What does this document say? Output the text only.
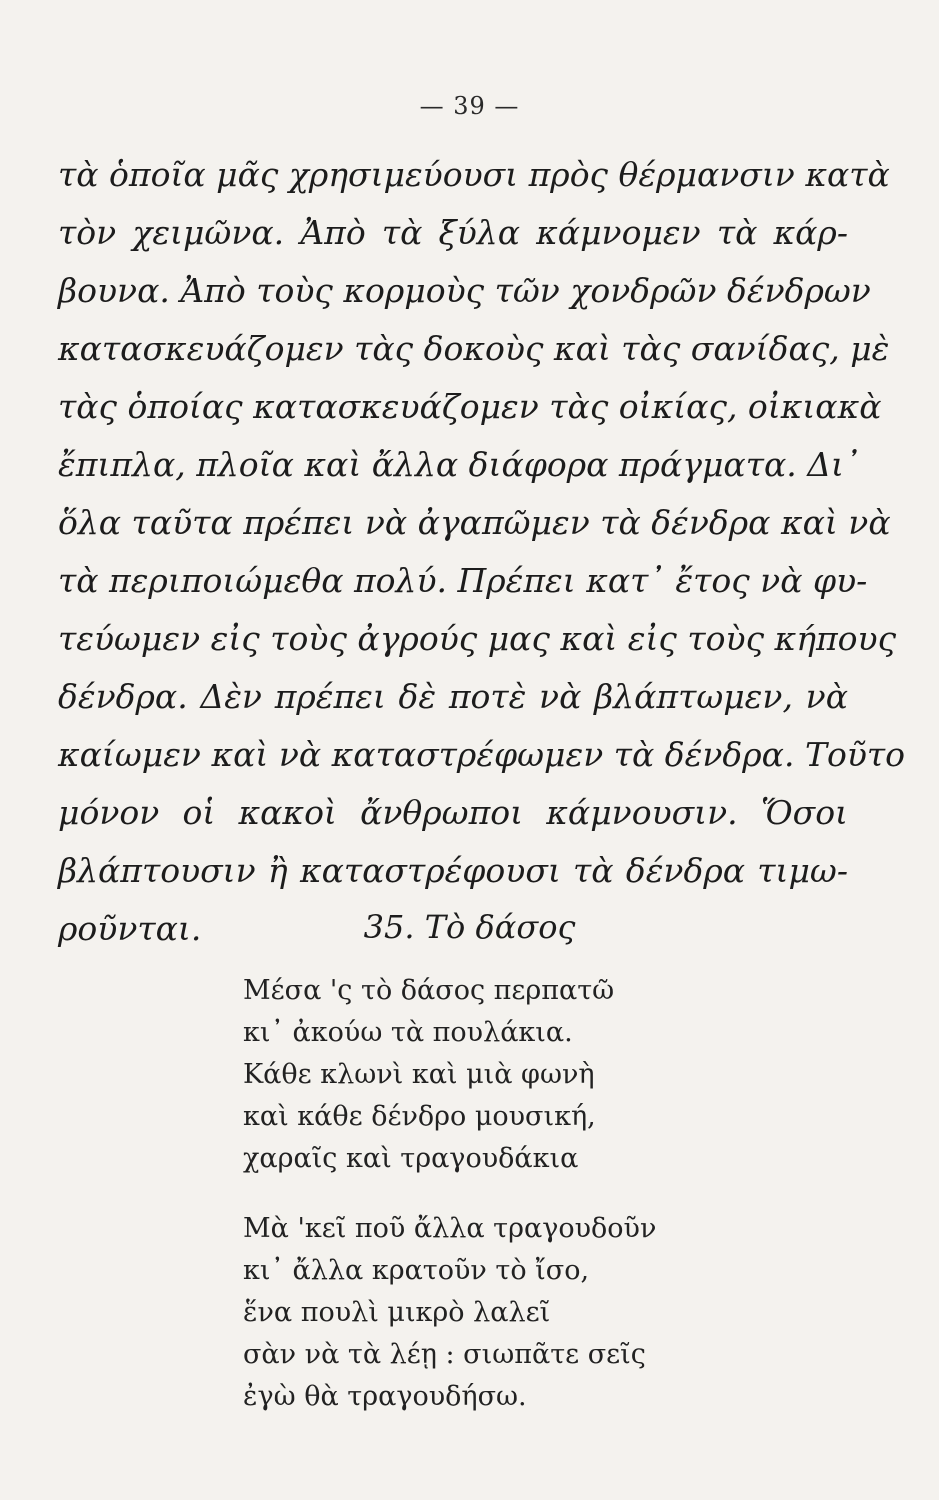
— 39 —
τὰ ὁποῖα μᾶς χρησιμεύουσι πρὸς θέρμανσιν κατὰ
τὸν χειμῶνα. Ἀπὸ τὰ ξύλα κάμνομεν τὰ κάρ-
βουνα. Ἀπὸ τοὺς κορμοὺς τῶν χονδρῶν δένδρων
κατασκευάζομεν τὰς δοκοὺς καὶ τὰς σανίδας, μὲ
τὰς ὁποίας κατασκευάζομεν τὰς οἰκίας, οἰκιακὰ
ἔπιπλα, πλοῖα καὶ ἄλλα διάφορα πράγματα. Δι᾽
ὅλα ταῦτα πρέπει νὰ ἀγαπῶμεν τὰ δένδρα καὶ νὰ
τὰ περιποιώμεθα πολύ. Πρέπει κατ᾽ ἔτος νὰ φυ-
τεύωμεν εἰς τοὺς ἀγρούς μας καὶ εἰς τοὺς κήπους
δένδρα. Δὲν πρέπει δὲ ποτὲ νὰ βλάπτωμεν, νὰ
καίωμεν καὶ νὰ καταστρέφωμεν τὰ δένδρα. Τοῦτο
μόνον οἱ κακοὶ ἄνθρωποι κάμνουσιν. Ὅσοι
βλάπτουσιν ἢ καταστρέφουσι τὰ δένδρα τιμω-
ροῦνται.	35. Τὸ δάσος
Μέσα 'ς τὸ δάσος περπατῶ
κι᾽ ἀκούω τὰ πουλάκια.
Κάθε κλωνὶ καὶ μιὰ φωνὴ
καὶ κάθε δένδρο μουσική,
χαραῖς καὶ τραγουδάκια
Μὰ 'κεῖ ποῦ ἄλλα τραγουδοῦν
κι᾽ ἄλλα κρατοῦν τὸ ἴσο,
ἕνα πουλὶ μικρὸ λαλεῖ
σὰν νὰ τὰ λέῃ : σιωπᾶτε σεῖς
ἐγὼ θὰ τραγουδήσω.
